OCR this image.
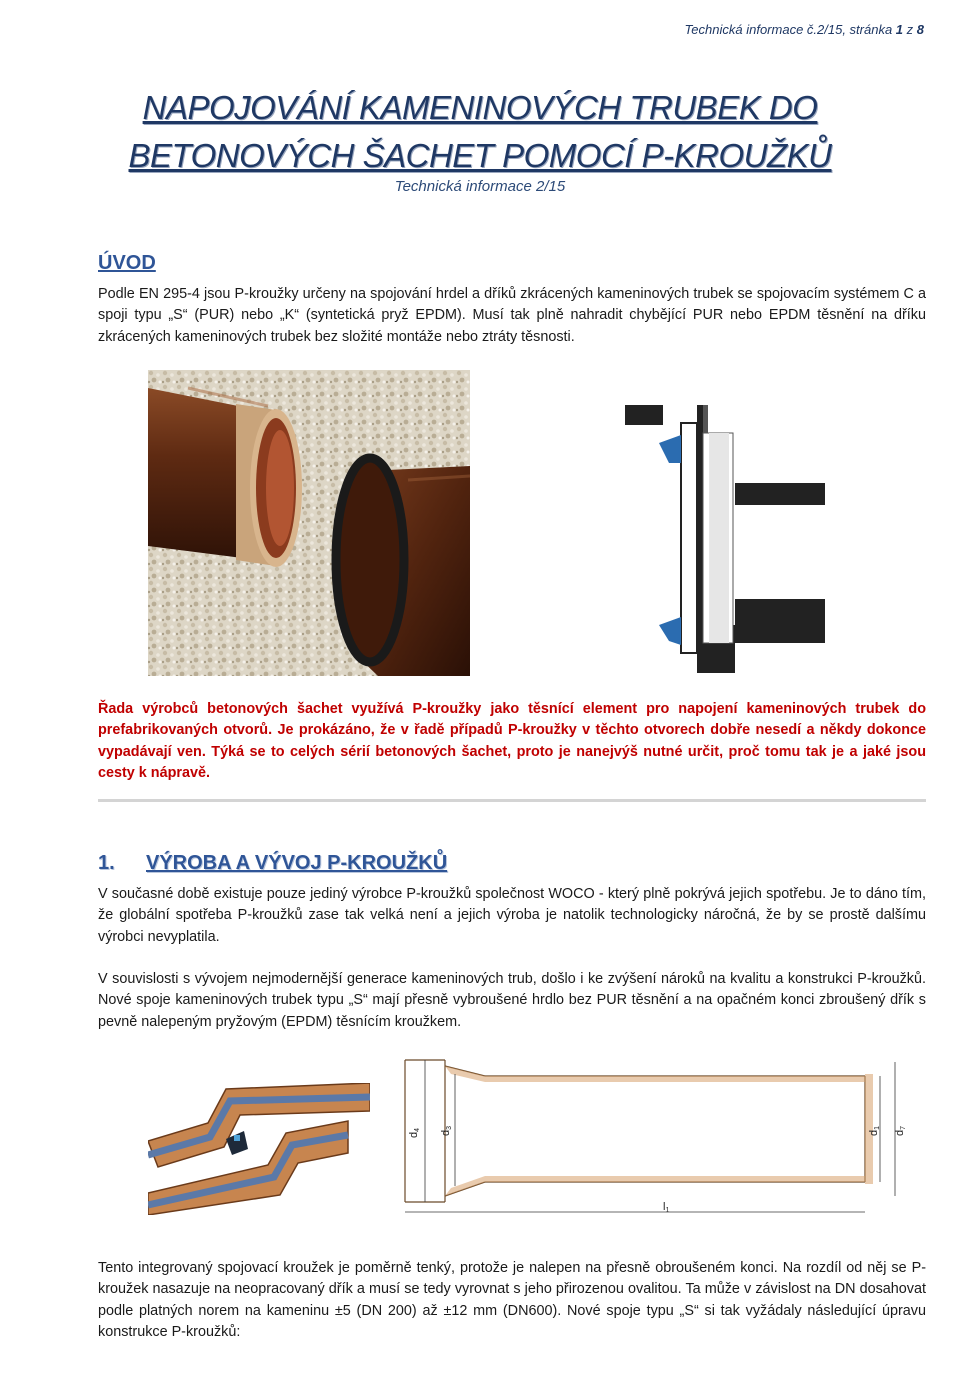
Technická informace č.2/15, stránka 1 z 8
NAPOJOVÁNÍ KAMENINOVÝCH TRUBEK DO
BETONOVÝCH ŠACHET POMOCÍ P-KROUŽKŮ
Technická informace 2/15
ÚVOD
Podle EN 295-4 jsou P-kroužky určeny na spojování hrdel a dříků zkrácených kameninových trubek se spojovacím systémem C a spoji typu „S“ (PUR) nebo „K“ (syntetická pryž EPDM). Musí tak plně nahradit chybějící PUR nebo EPDM těsnění na dříku zkrácených kameninových trubek bez složité montáže nebo ztráty těsnosti.
Řada výrobců betonových šachet využívá P-kroužky jako těsnící element pro napojení kameninových trubek do prefabrikovaných otvorů. Je prokázáno, že v řadě případů P-kroužky v těchto otvorech dobře nesedí a někdy dokonce vypadávají ven. Týká se to celých sérií betonových šachet, proto je nanejvýš nutné určit, proč tomu tak je a jaké jsou cesty k nápravě.
1. VÝROBA A VÝVOJ P-KROUŽKŮ
V současné době existuje pouze jediný výrobce P-kroužků společnost WOCO - který plně pokrývá jejich spotřebu. Je to dáno tím, že globální spotřeba P-kroužků zase tak velká není a jejich výroba je natolik technologicky náročná, že by se prostě dalšímu výrobci nevyplatila.
V souvislosti s vývojem nejmodernější generace kameninových trub, došlo i ke zvýšení nároků na kvalitu a konstrukci P-kroužků. Nové spoje kameninových trubek typu „S“ mají přesně vybroušené hrdlo bez PUR těsnění a na opačném konci zbroušený dřík s pevně nalepeným pryžovým (EPDM) těsnícím kroužkem.
d4 d3
d7
d1
l1
Tento integrovaný spojovací kroužek je poměrně tenký, protože je nalepen na přesně obroušeném konci. Na rozdíl od něj se P-kroužek nasazuje na neopracovaný dřík a musí se tedy vyrovnat s jeho přirozenou ovalitou. Ta může v závislost na DN dosahovat podle platných norem na kameninu ±5 (DN 200) až ±12 mm (DN600). Nové spoje typu „S“ si tak vyžádaly následující úpravu konstrukce P-kroužků:
